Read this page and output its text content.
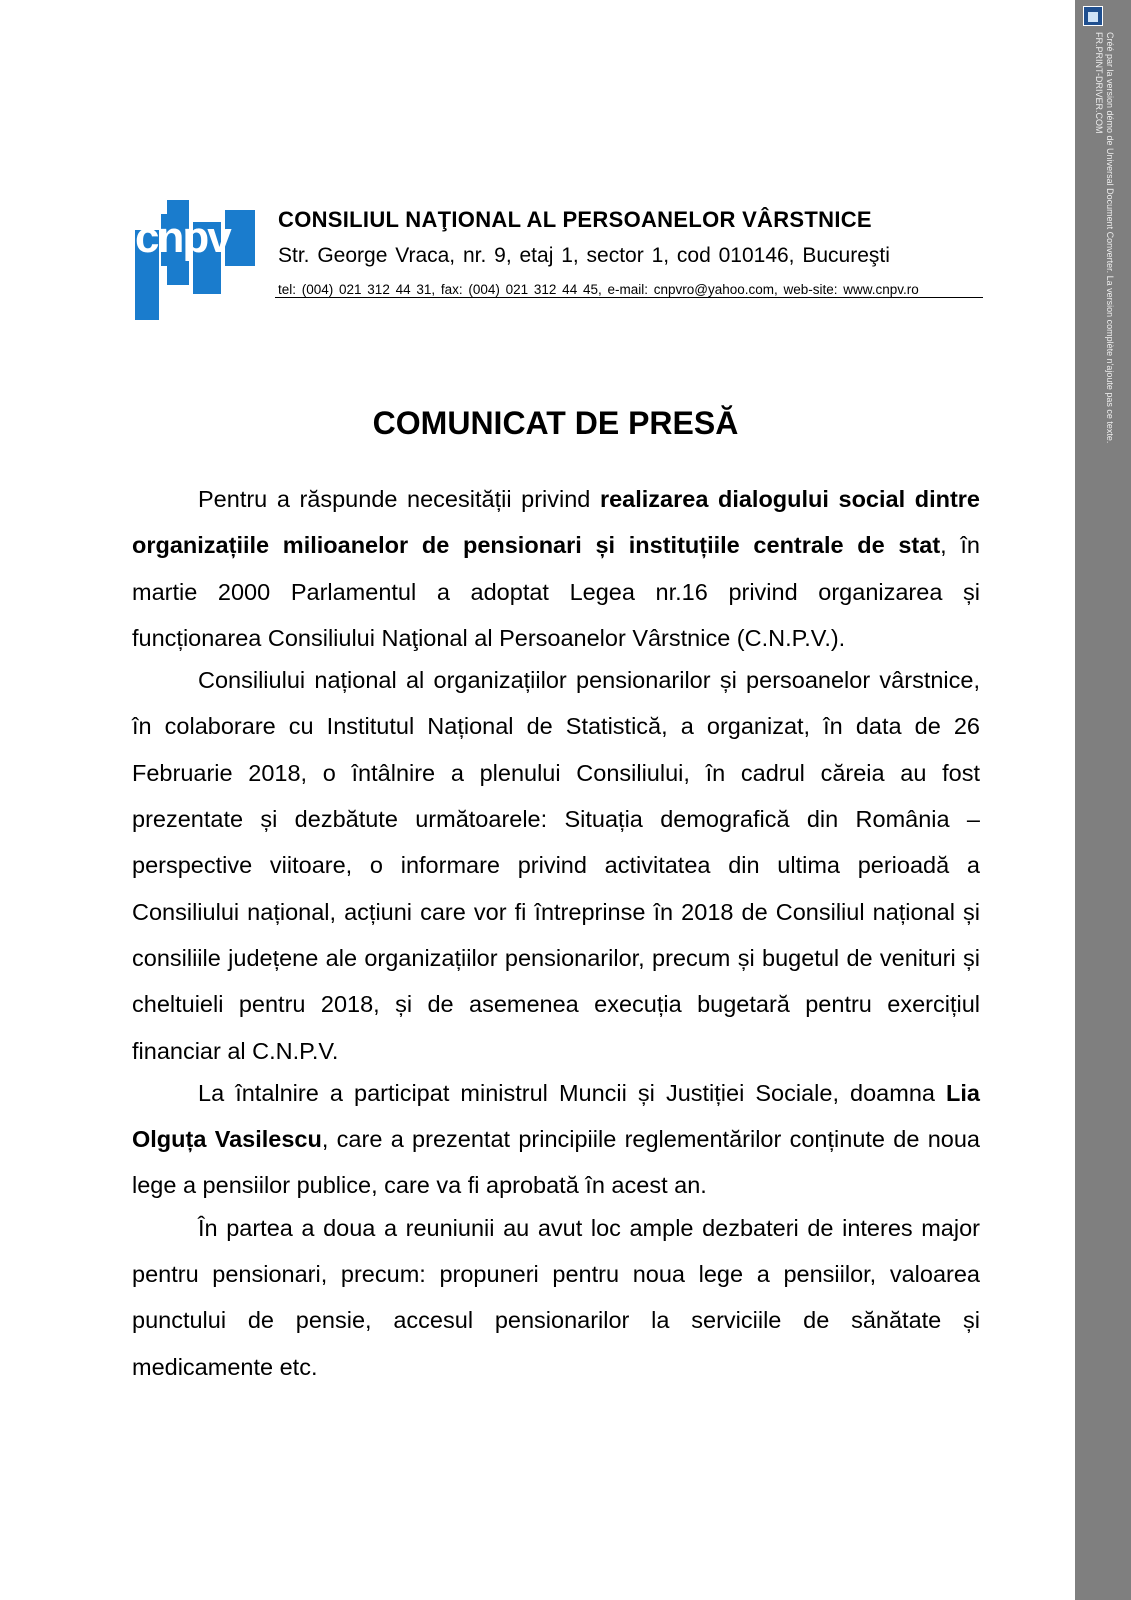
Créé par la version démo de Universal Document Converter. La version complète n'ajoute pas ce texte.
FR.PRINT-DRIVER.COM
cnpv	CONSILIUL NAŢIONAL AL PERSOANELOR VÂRSTNICE
Str. George Vraca, nr. 9, etaj 1, sector 1, cod 010146, Bucureşti
tel: (004) 021 312 44 31, fax: (004) 021 312 44 45, e-mail: cnpvro@yahoo.com, web-site: www.cnpv.ro
COMUNICAT DE PRESĂ

Pentru a răspunde necesității privind realizarea dialogului social dintre organizațiile milioanelor de pensionari și instituțiile centrale de stat, în martie 2000 Parlamentul a adoptat Legea nr.16 privind organizarea și funcționarea Consiliului Naţional al Persoanelor Vârstnice (C.N.P.V.).

Consiliului național al organizațiilor pensionarilor și persoanelor vârstnice, în colaborare cu Institutul Național de Statistică, a organizat, în data de 26 Februarie 2018, o întâlnire a plenului Consiliului, în cadrul căreia au fost prezentate și dezbătute următoarele: Situația demografică din România – perspective viitoare, o informare privind activitatea din ultima perioadă a Consiliului național, acțiuni care vor fi întreprinse în 2018 de Consiliul național și consiliile județene ale organizațiilor pensionarilor, precum și bugetul de venituri și cheltuieli pentru 2018, și de asemenea execuția bugetară pentru exercițiul financiar al C.N.P.V.

La întalnire a participat ministrul Muncii și Justiției Sociale, doamna Lia Olguța Vasilescu, care a prezentat principiile reglementărilor conținute de noua lege a pensiilor publice, care va fi aprobată în acest an.

În partea a doua a reuniunii au avut loc ample dezbateri de interes major pentru pensionari, precum: propuneri pentru noua lege a pensiilor, valoarea punctului de pensie, accesul pensionarilor la serviciile de sănătate și medicamente etc.
